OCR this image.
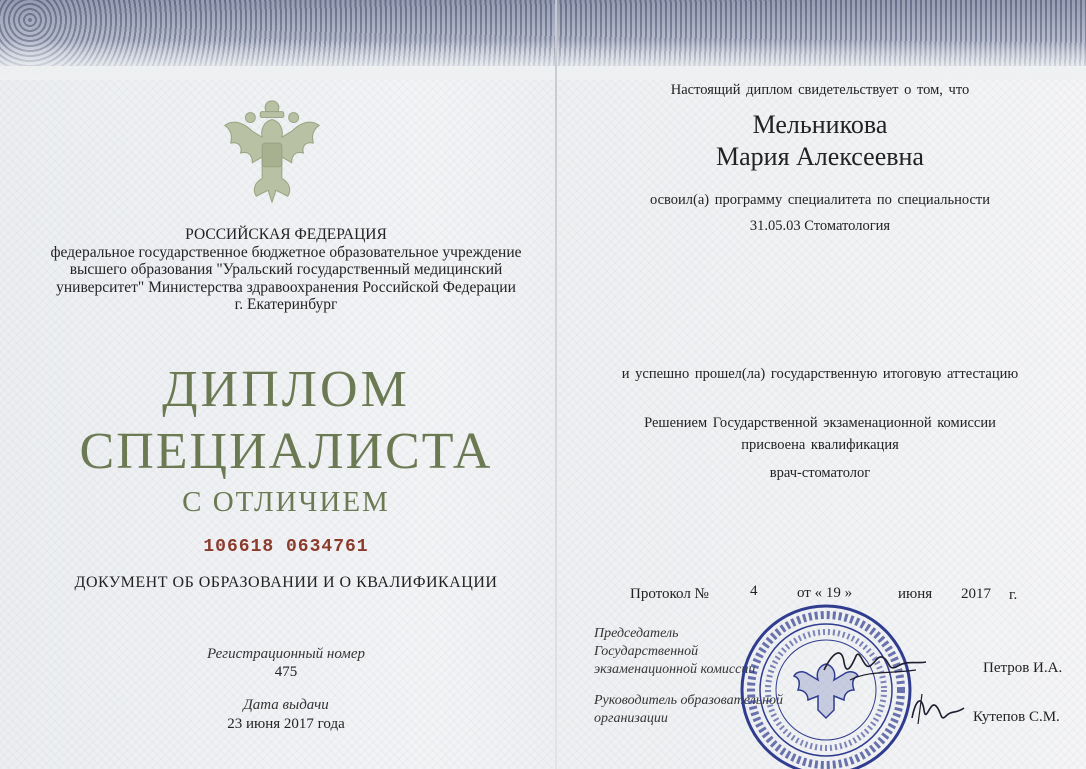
РОССИЙСКАЯ ФЕДЕРАЦИЯ
федеральное государственное бюджетное образовательное учреждение
высшего образования "Уральский государственный медицинский
университет" Министерства здравоохранения Российской Федерации
г. Екатеринбург
ДИПЛОМ
СПЕЦИАЛИСТА
С ОТЛИЧИЕМ
106618 0634761
ДОКУМЕНТ ОБ ОБРАЗОВАНИИ И О КВАЛИФИКАЦИИ
Регистрационный номер
475
Дата выдачи
23 июня 2017 года
Настоящий диплом свидетельствует о том, что
Мельникова
Мария Алексеевна
освоил(а) программу специалитета по специальности
31.05.03 Стоматология
и успешно прошел(ла) государственную итоговую аттестацию
Решением Государственной экзаменационной комиссии
присвоена квалификация
врач-стоматолог
Протокол №	4	от « 19 »	июня 2017 г.
Председатель
Государственной
экзаменационной комиссии
Руководитель образовательной
организации
Петров И.А.
Кутепов С.М.
